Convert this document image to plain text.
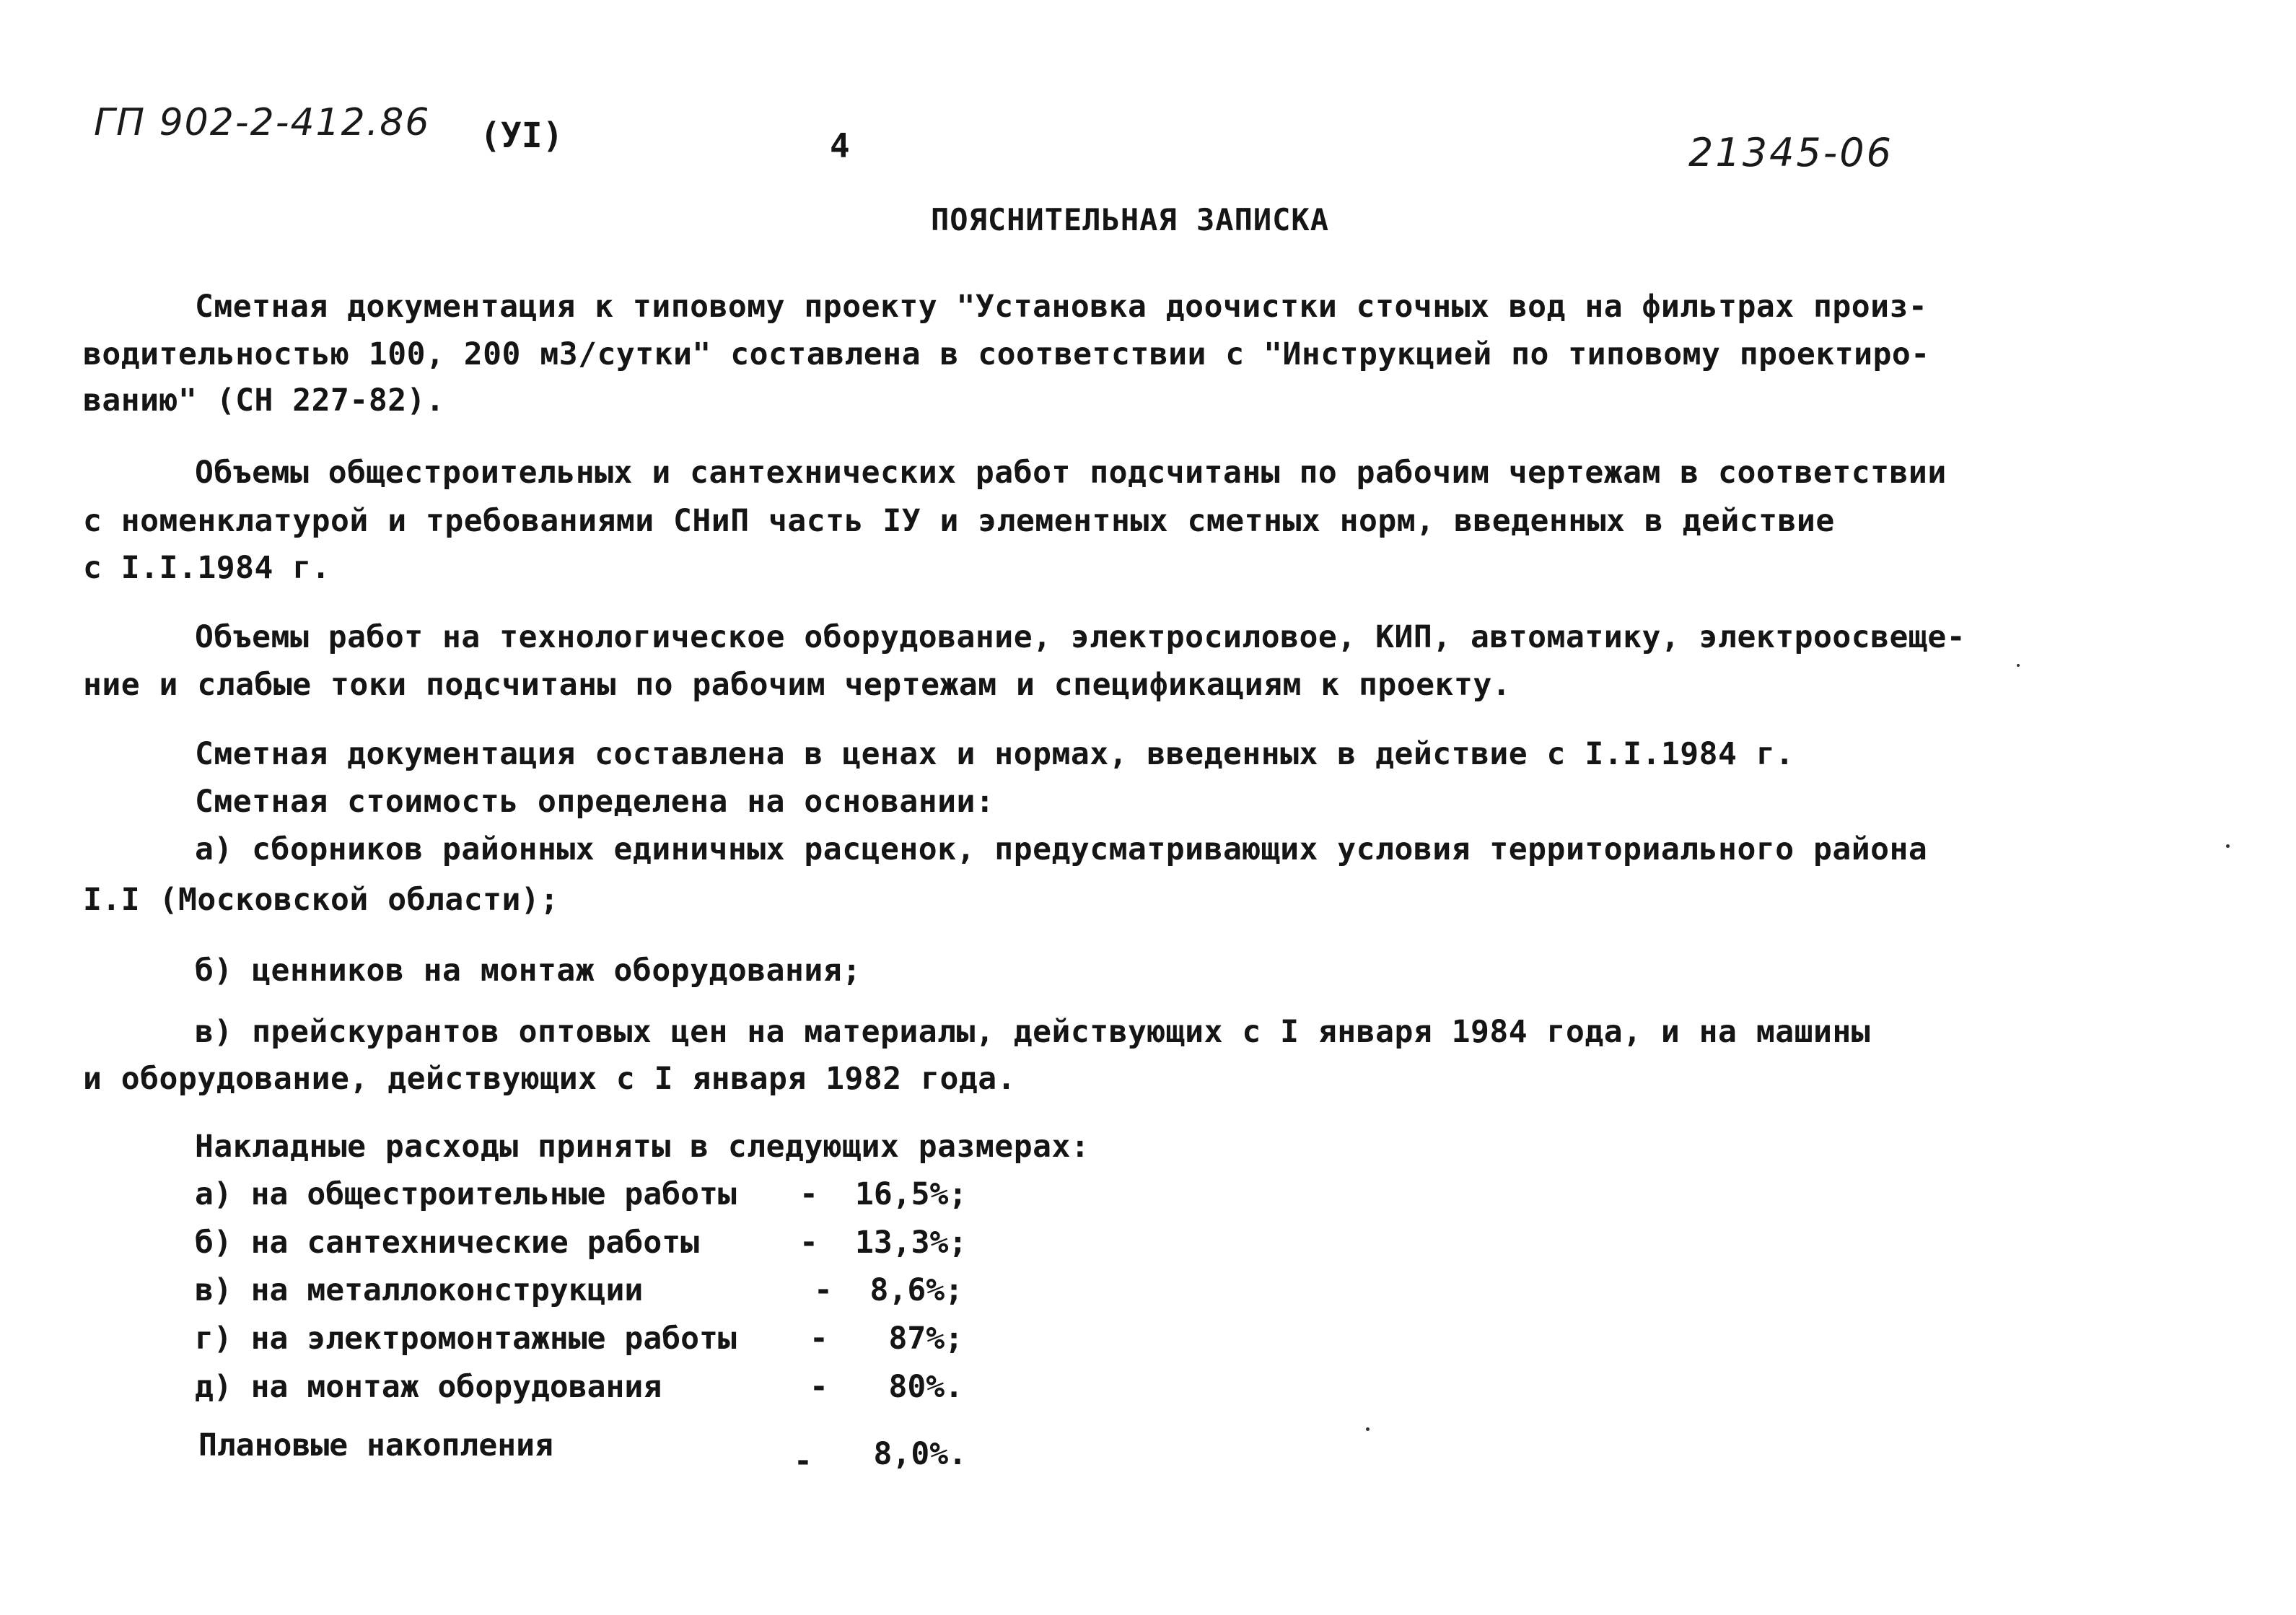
ГП 902-2-412.86 (УI)	4	21345-06
ПОЯСНИТЕЛЬНАЯ ЗАПИСКА
Сметная документация к типовому проекту "Установка доочистки сточных вод на фильтрах произ-
водительностью 100, 200 м3/сутки" составлена в соответствии с "Инструкцией по типовому проектиро-
ванию" (СН 227-82).
Объемы общестроительных и сантехнических работ подсчитаны по рабочим чертежам в соответствии
с номенклатурой и требованиями СНиП часть IУ и элементных сметных норм, введенных в действие
с I.I.1984 г.
Объемы работ на технологическое оборудование, электросиловое, КИП, автоматику, электроосвеще-
ние и слабые токи подсчитаны по рабочим чертежам и спецификациям к проекту.
Сметная документация составлена в ценах и нормах, введенных в действие с I.I.1984 г.
Сметная стоимость определена на основании:
а) сборников районных единичных расценок, предусматривающих условия территориального района
I.I (Московской области);
б) ценников на монтаж оборудования;
в) прейскурантов оптовых цен на материалы, действующих с I января 1984 года, и на машины
и оборудование, действующих с I января 1982 года.
Накладные расходы приняты в следующих размерах:
а) на общестроительные работы - 16,5%;
б) на сантехнические работы	- 13,3%;
в) на металлоконструкции	-	8,6%;
г) на электромонтажные работы -	87%;
д) на монтаж оборудования	-	80%.
Плановые накопления	-	8,0%.
